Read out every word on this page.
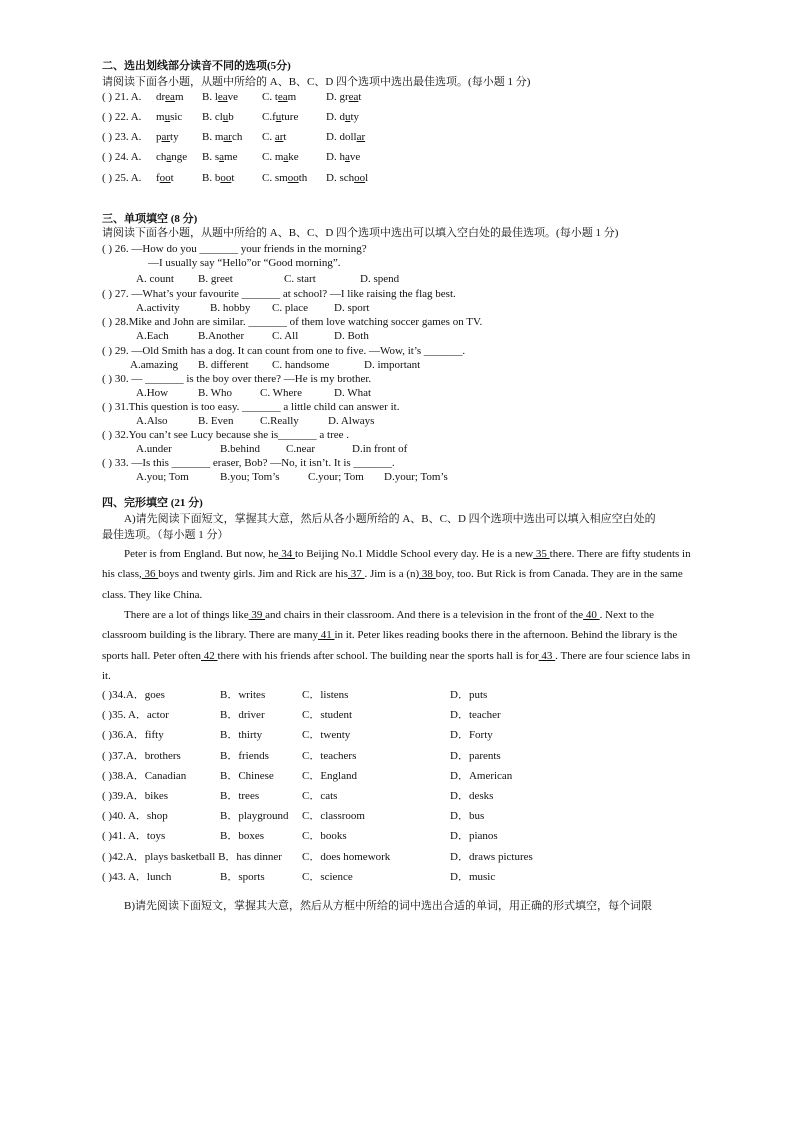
二、选出划线部分读音不同的选项(5分)
请阅读下面各小题，从题中所给的 A、B、C、D 四个选项中选出最佳选项。(每小题 1 分)
( ) 21. A. dream B. leave C. team	D. great
( ) 22. A. music B. club	C.future	D. duty
( ) 23. A. party B. march C. art	D. dollar
( ) 24. A. change B. same C. make D. have
( ) 25. A. foot	B. boot	C. smooth D. school
三、单项填空 (8 分)
请阅读下面各小题，从题中所给的 A、B、C、D 四个选项中选出可以填入空白处的最佳选项。(每小题 1 分)
( ) 26. —How do you _______ your friends in the morning?
—I usually say “Hello”or “Good morning”.
A. count B. greet	C. start	D. spend
( ) 27. —What’s your favourite _______ at school? —I like raising the flag best.
A.activity	B. hobby C. place D. sport
( ) 28.Mike and John are similar. _______ of them love watching soccer games on TV.
A.Each	B.Another	C. All	D. Both
( ) 29. —Old Smith has a dog. It can count from one to five. —Wow, it’s _______.
A.amazing B. different C. handsome	D. important
( ) 30. — _______ is the boy over there? —He is my brother.
A.How	B. Who	C. Where	D. What
( ) 31.This question is too easy. _______ a little child can answer it.
A.Also	B. Even C.Really	D. Always
( ) 32.You can’t see Lucy because she is_______ a tree .
A.under	B.behind C.near	D.in front of
( ) 33. —Is this _______ eraser, Bob? —No, it isn’t. It is _______.
A.you; Tom	B.you; Tom’s	C.your; Tom D.your; Tom’s
四、完形填空 (21 分)
A)请先阅读下面短文，掌握其大意，然后从各小题所给的 A、B、C、D 四个选项中选出可以填入相应空白处的
最佳选项。（每小题 1 分）
Peter is from England. But now, he 34 to Beijing No.1 Middle School every day. He is a new 35 there. There are fifty students in his class, 36 boys and twenty girls. Jim and Rick are his 37 . Jim is a (n) 38 boy, too. But Rick is from Canada. They are in the same class. They like China.
There are a lot of things like 39 and chairs in their classroom. And there is a television in the front of the 40 . Next to the classroom building is the library. There are many 41 in it. Peter likes reading books there in the afternoon. Behind the library is the sports hall. Peter often 42 there with his friends after school. The building near the sports hall is for 43 . There are four science labs in it.
( )34.A．goes	B．writes	C．listens	D．puts
( )35. A．actor	B．driver	C．student	D．teacher
( )36.A．fifty	B．thirty	C．twenty	D．Forty
( )37.A．brothers	B．friends	C．teachers	D．parents
( )38.A．Canadian	B．Chinese	C．England	D．American
( )39.A．bikes	B．trees	C．cats	D．desks
( )40. A．shop	B．playground C．classroom	D．bus
( )41. A．toys	B．boxes	C．books	D．pianos
( )42.A．plays basketball B．has dinner C．does homework	D．draws pictures
( )43. A．lunch	B．sports	C．science	D．music
B)请先阅读下面短文，掌握其大意，然后从方框中所给的词中选出合适的单词，用正确的形式填空，每个词限
